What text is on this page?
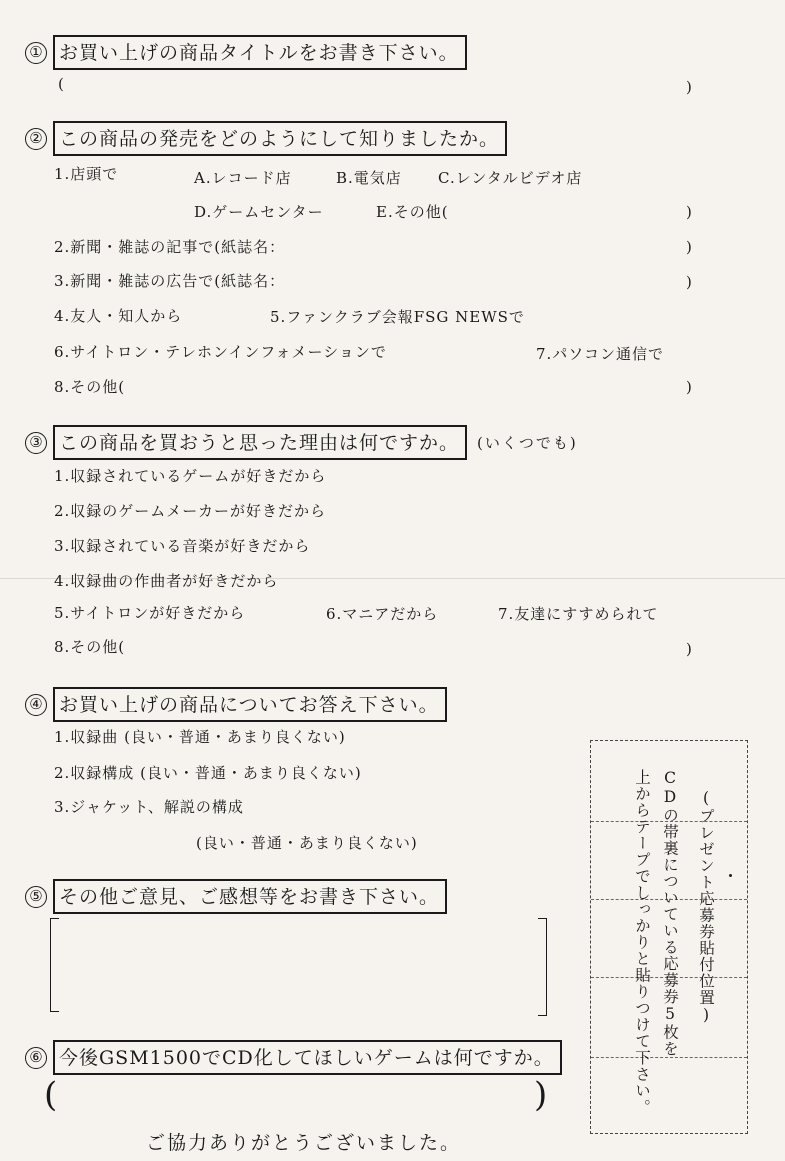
① お買い上げの商品タイトルをお書き下さい。
(	)
② この商品の発売をどのようにして知りましたか。
1.店頭で	A.レコード店	B.電気店 C.レンタルビデオ店
D.ゲームセンター	E.その他(	)
2.新聞・雑誌の記事で(紙誌名：	)
3.新聞・雑誌の広告で(紙誌名：	)
4.友人・知人から	5.ファンクラブ会報FSG NEWSで
6.サイトロン・テレホンインフォメーションで	7.パソコン通信で
8.その他(	)
③ この商品を買おうと思った理由は何ですか。	(いくつでも)
1.収録されているゲームが好きだから
2.収録のゲームメーカーが好きだから
3.収録されている音楽が好きだから
4.収録曲の作曲者が好きだから
5.サイトロンが好きだから	6.マニアだから	7.友達にすすめられて
8.その他(	)
④ お買い上げの商品についてお答え下さい。
1.収録曲 (良い・普通・あまり良くない)
2.収録構成 (良い・普通・あまり良くない)
3.ジャケット、解説の構成
(良い・普通・あまり良くない)
⑤ その他ご意見、ご感想等をお書き下さい。
⑥ 今後GSM1500でCD化してほしいゲームは何ですか。
(	)
ご協力ありがとうございました。
(プレゼント応募券貼付位置)
CDの帯裏についている応募券5枚を
上からテープでしっかりと貼りつけて下さい。
